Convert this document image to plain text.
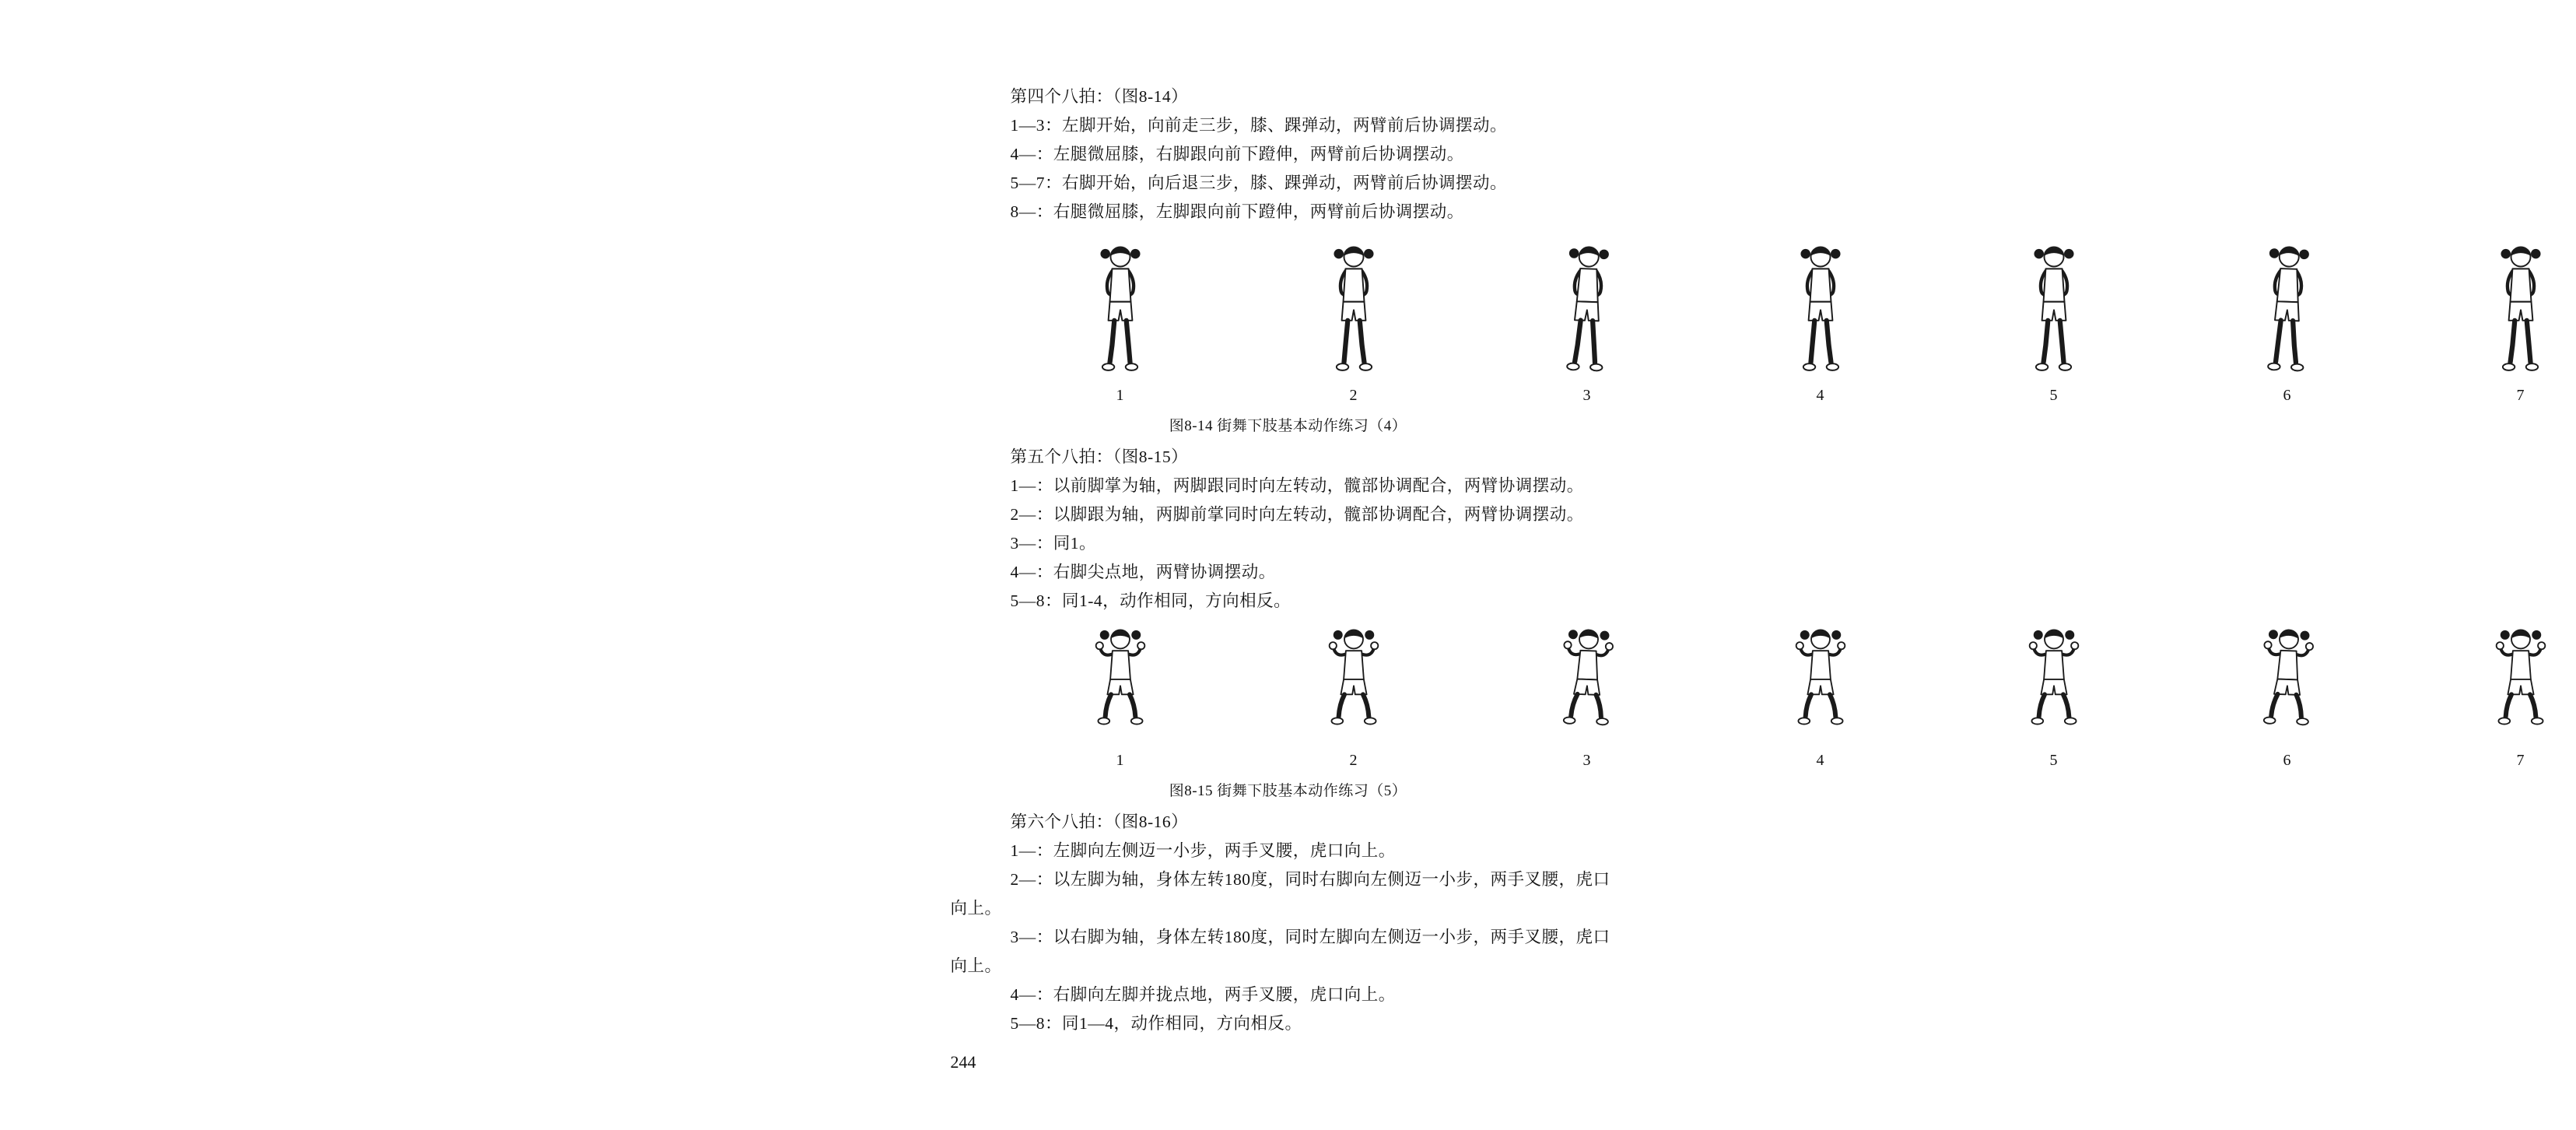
第四个八拍：（图8-14）

1—3：左脚开始，向前走三步，膝、踝弹动，两臂前后协调摆动。

4—：左腿微屈膝，右脚跟向前下蹬伸，两臂前后协调摆动。

5—7：右脚开始，向后退三步，膝、踝弹动，两臂前后协调摆动。

8—：右腿微屈膝，左脚跟向前下蹬伸，两臂前后协调摆动。

1	2	3	4	5	6	7
图8-14 街舞下肢基本动作练习（4）

第五个八拍：（图8-15）

1—：以前脚掌为轴，两脚跟同时向左转动，髋部协调配合，两臂协调摆动。

2—：以脚跟为轴，两脚前掌同时向左转动，髋部协调配合，两臂协调摆动。

3—：同1。

4—：右脚尖点地，两臂协调摆动。

5—8：同1-4，动作相同，方向相反。

1	2	3	4	5	6	7
图8-15 街舞下肢基本动作练习（5）

第六个八拍：（图8-16）

1—：左脚向左侧迈一小步，两手叉腰，虎口向上。

2—：以左脚为轴，身体左转180度，同时右脚向左侧迈一小步，两手叉腰，虎口向上。

3—：以右脚为轴，身体左转180度，同时左脚向左侧迈一小步，两手叉腰，虎口向上。

4—：右脚向左脚并拢点地，两手叉腰，虎口向上。

5—8：同1—4，动作相同，方向相反。

244
